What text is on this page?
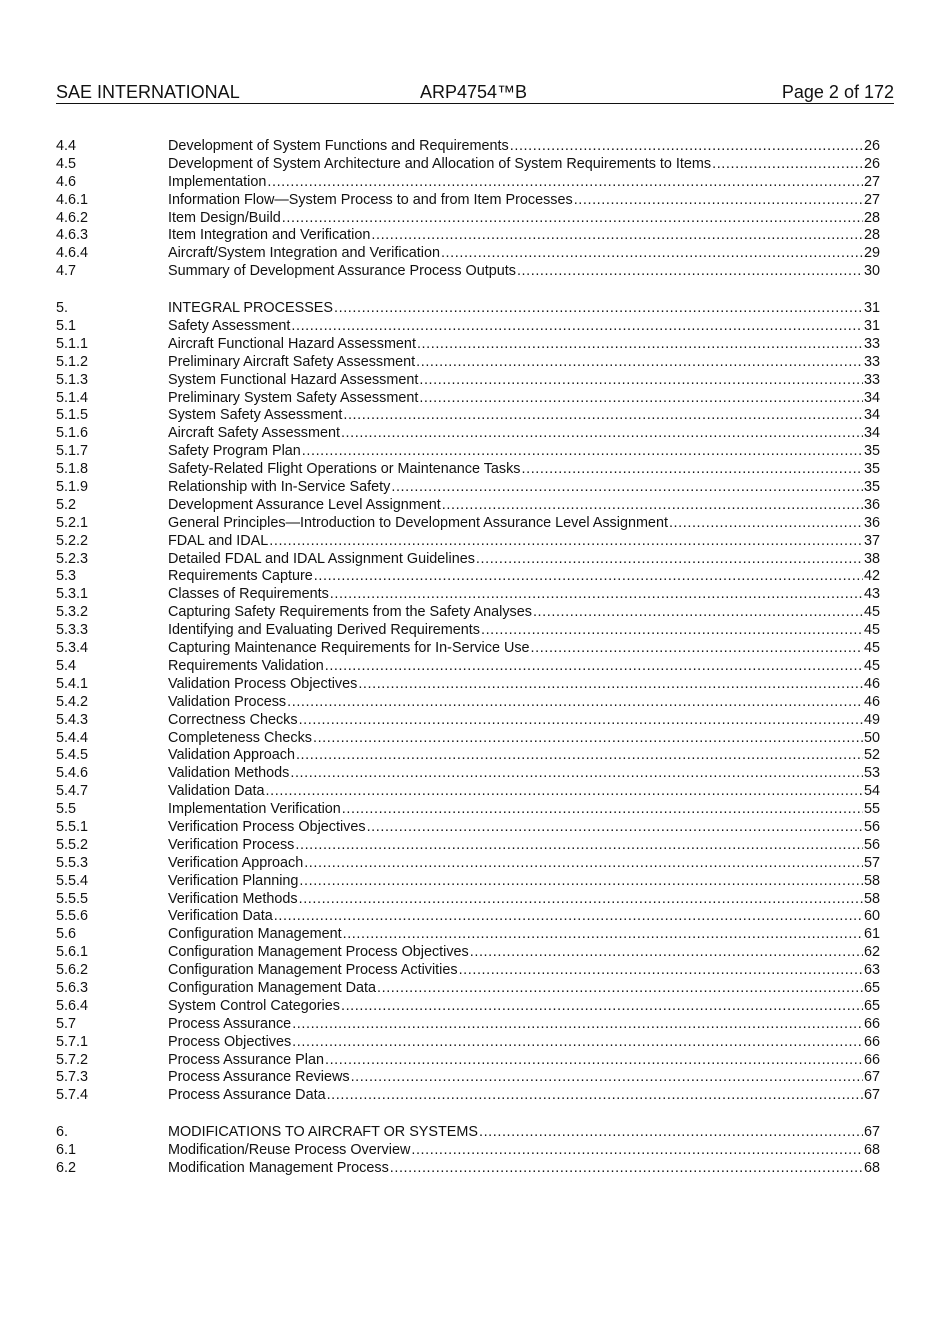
SAE INTERNATIONAL	ARP4754™B	Page 2 of 172
4.4	Development of System Functions and Requirements .....	26
4.5	Development of System Architecture and Allocation of System Requirements to Items .....	26
4.6	Implementation .....	27
4.6.1	Information Flow—System Process to and from Item Processes .....	27
4.6.2	Item Design/Build .....	28
4.6.3	Item Integration and Verification .....	28
4.6.4	Aircraft/System Integration and Verification .....	29
4.7	Summary of Development Assurance Process Outputs .....	30
5.	INTEGRAL PROCESSES .....	31
5.1	Safety Assessment .....	31
5.1.1	Aircraft Functional Hazard Assessment .....	33
5.1.2	Preliminary Aircraft Safety Assessment .....	33
5.1.3	System Functional Hazard Assessment .....	33
5.1.4	Preliminary System Safety Assessment .....	34
5.1.5	System Safety Assessment .....	34
5.1.6	Aircraft Safety Assessment .....	34
5.1.7	Safety Program Plan .....	35
5.1.8	Safety-Related Flight Operations or Maintenance Tasks .....	35
5.1.9	Relationship with In-Service Safety .....	35
5.2	Development Assurance Level Assignment .....	36
5.2.1	General Principles—Introduction to Development Assurance Level Assignment .....	36
5.2.2	FDAL and IDAL .....	37
5.2.3	Detailed FDAL and IDAL Assignment Guidelines .....	38
5.3	Requirements Capture .....	42
5.3.1	Classes of Requirements .....	43
5.3.2	Capturing Safety Requirements from the Safety Analyses .....	45
5.3.3	Identifying and Evaluating Derived Requirements .....	45
5.3.4	Capturing Maintenance Requirements for In-Service Use .....	45
5.4	Requirements Validation .....	45
5.4.1	Validation Process Objectives .....	46
5.4.2	Validation Process .....	46
5.4.3	Correctness Checks .....	49
5.4.4	Completeness Checks .....	50
5.4.5	Validation Approach .....	52
5.4.6	Validation Methods .....	53
5.4.7	Validation Data .....	54
5.5	Implementation Verification .....	55
5.5.1	Verification Process Objectives .....	56
5.5.2	Verification Process .....	56
5.5.3	Verification Approach .....	57
5.5.4	Verification Planning .....	58
5.5.5	Verification Methods .....	58
5.5.6	Verification Data .....	60
5.6	Configuration Management .....	61
5.6.1	Configuration Management Process Objectives .....	62
5.6.2	Configuration Management Process Activities .....	63
5.6.3	Configuration Management Data .....	65
5.6.4	System Control Categories .....	65
5.7	Process Assurance .....	66
5.7.1	Process Objectives .....	66
5.7.2	Process Assurance Plan .....	66
5.7.3	Process Assurance Reviews .....	67
5.7.4	Process Assurance Data .....	67
6.	MODIFICATIONS TO AIRCRAFT OR SYSTEMS .....	67
6.1	Modification/Reuse Process Overview .....	68
6.2	Modification Management Process .....	68
